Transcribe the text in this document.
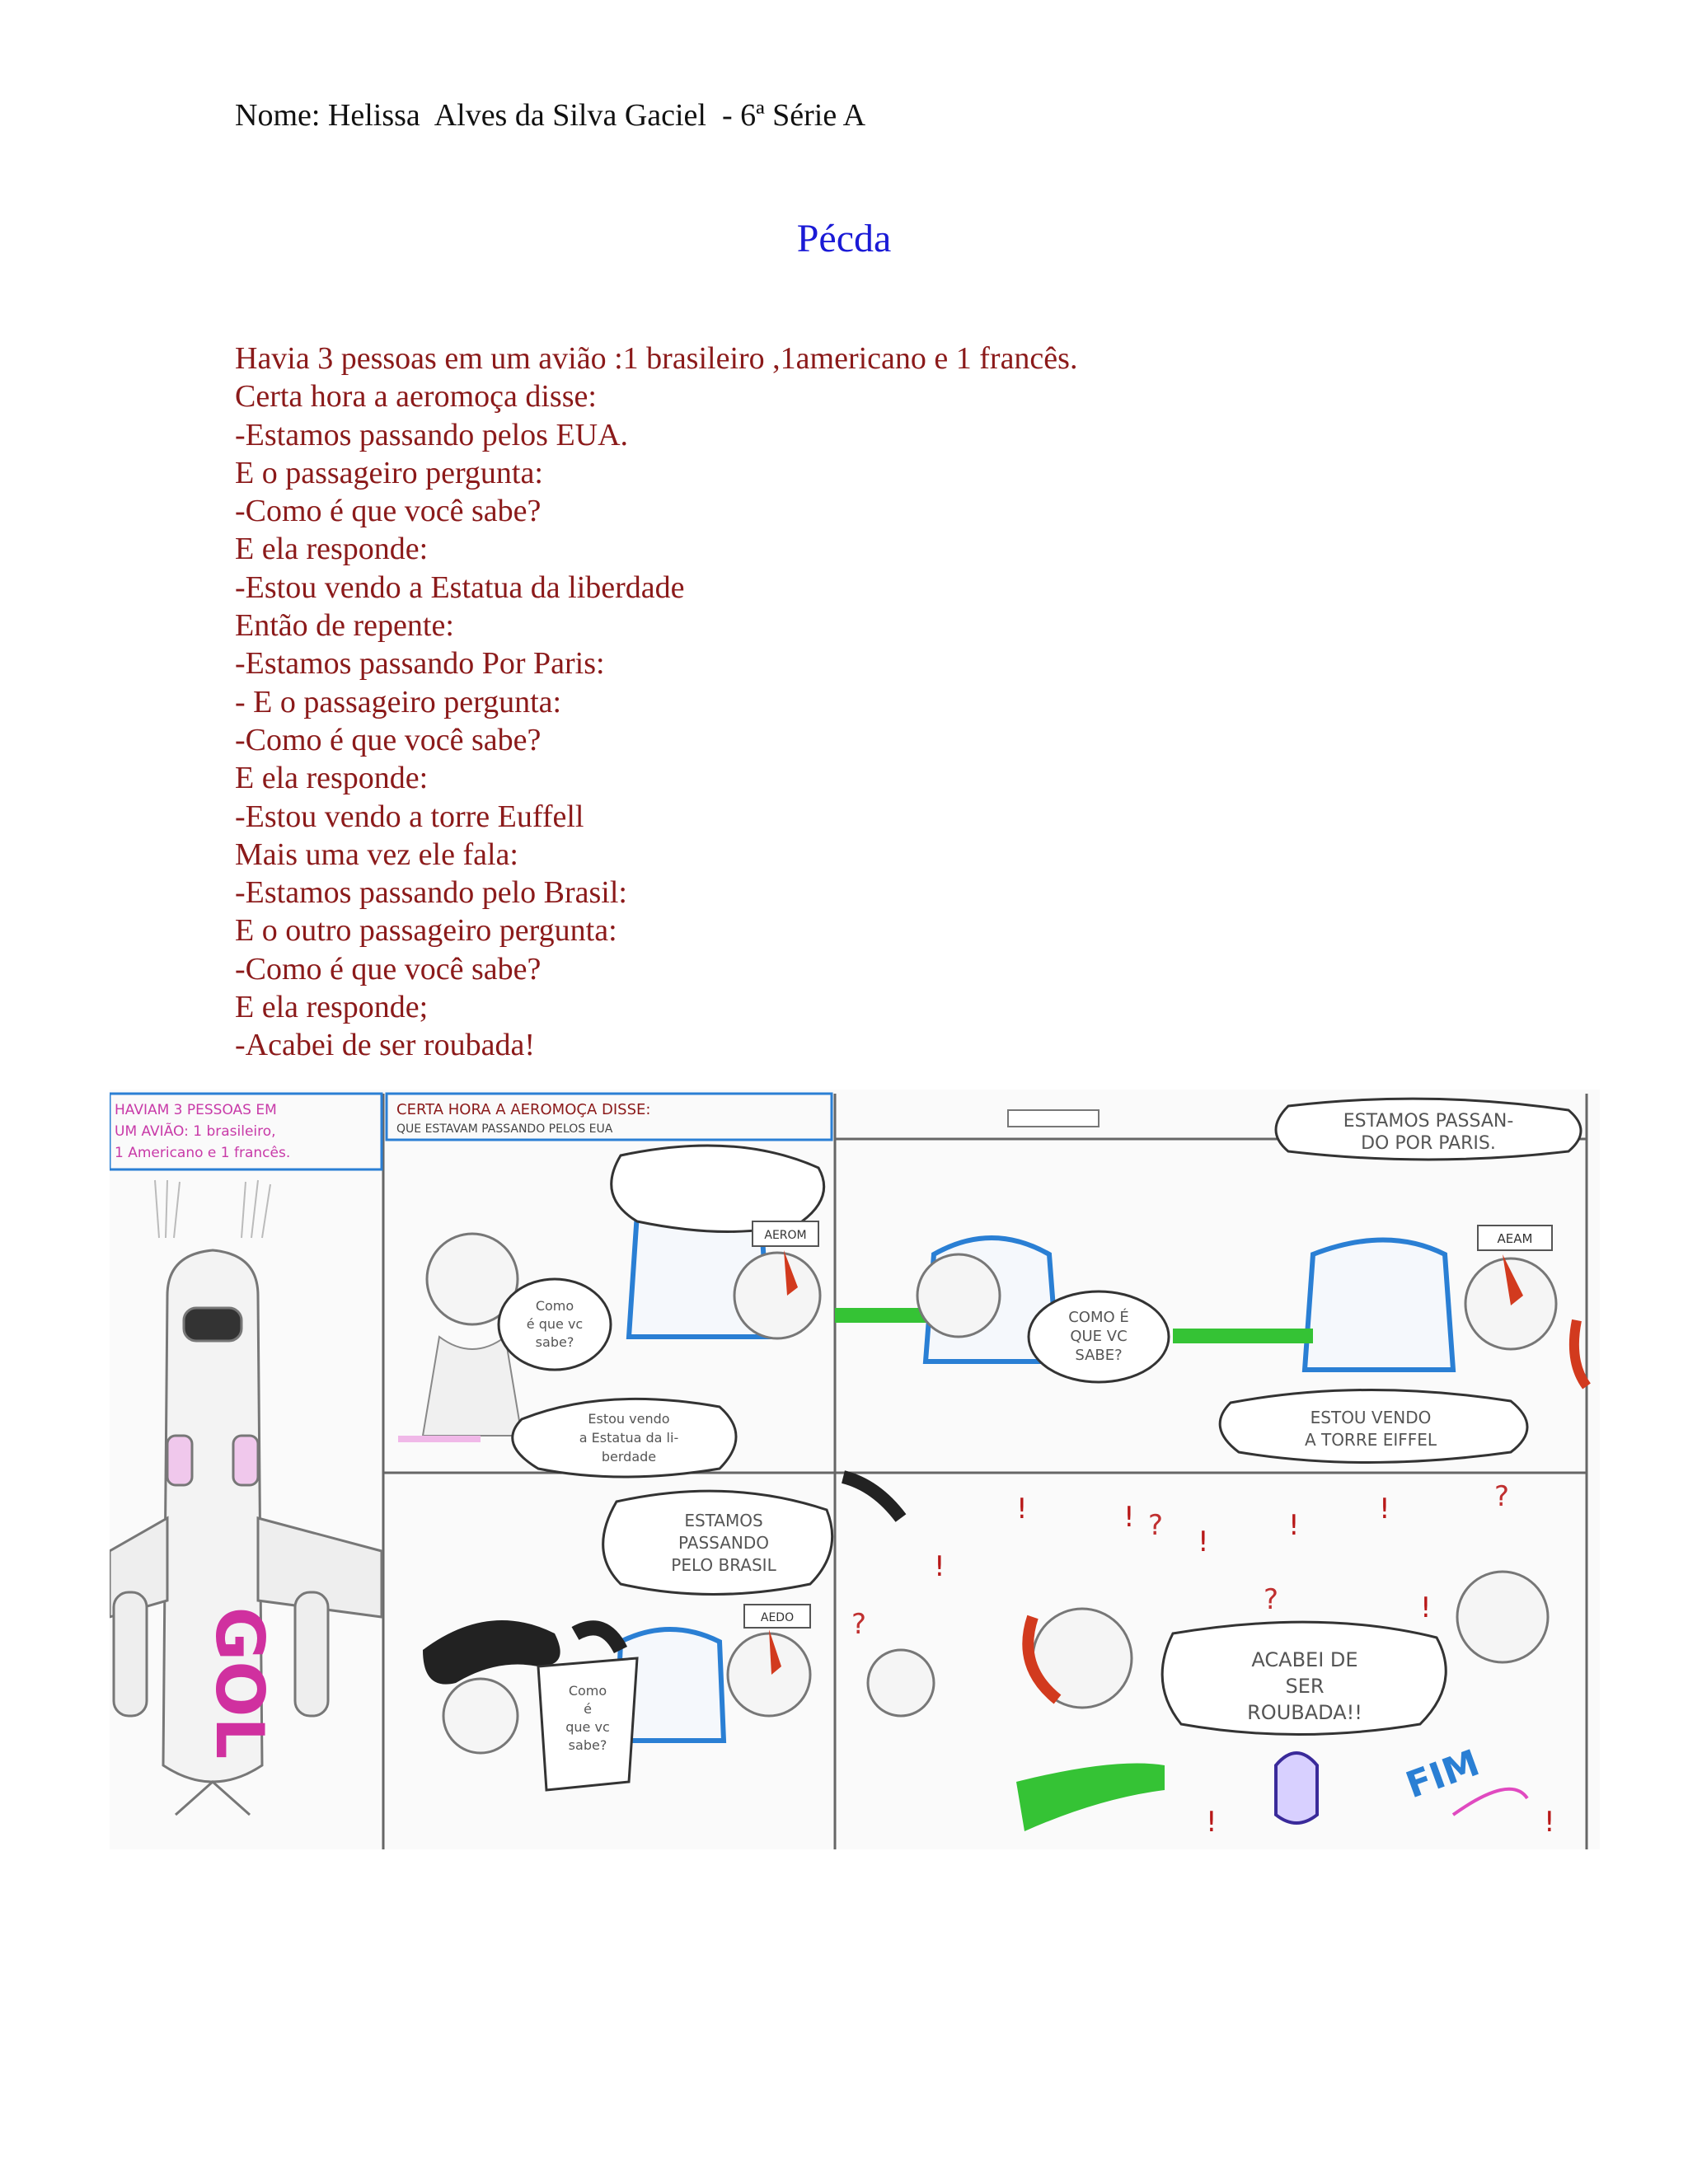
Nome: Helissa  Alves da Silva Gaciel  - 6ª Série A
Pécda
Havia 3 pessoas em um avião :1 brasileiro ,1americano e 1 francês.
Certa hora a aeromoça disse:
-Estamos passando pelos EUA.
E o passageiro pergunta:
-Como é que você sabe?
E ela responde:
-Estou vendo a Estatua da liberdade
Então de repente:
-Estamos passando Por Paris:
- E o passageiro pergunta:
-Como é que você sabe?
E ela responde:
-Estou vendo a torre Euffell
Mais uma vez ele fala:
-Estamos passando pelo Brasil:
E o outro passageiro pergunta:
-Como é que você sabe?
E ela responde;
-Acabei de ser roubada!
HAVIAM 3 PESSOAS EM
UM AVIÃO: 1 brasileiro,
1 Americano e 1 francês.
GOL
CERTA HORA A AEROMOÇA DISSE:
QUE ESTAVAM PASSANDO PELOS EUA
Como
é que vc
sabe?
AEROM
Estou vendo
a Estatua da li-
berdade
ESTAMOS PASSAN-
DO POR PARIS.
COMO É
QUE VC
SABE?
AEAM
ESTOU VENDO
A TORRE EIFFEL
ESTAMOS
PASSANDO
PELO BRASIL
Como
é
que vc
sabe?
AEDO
!	!
!	!	!
!
!
!	!
?
?
?
?
ACABEI DE
SER
ROUBADA!!
FIM
